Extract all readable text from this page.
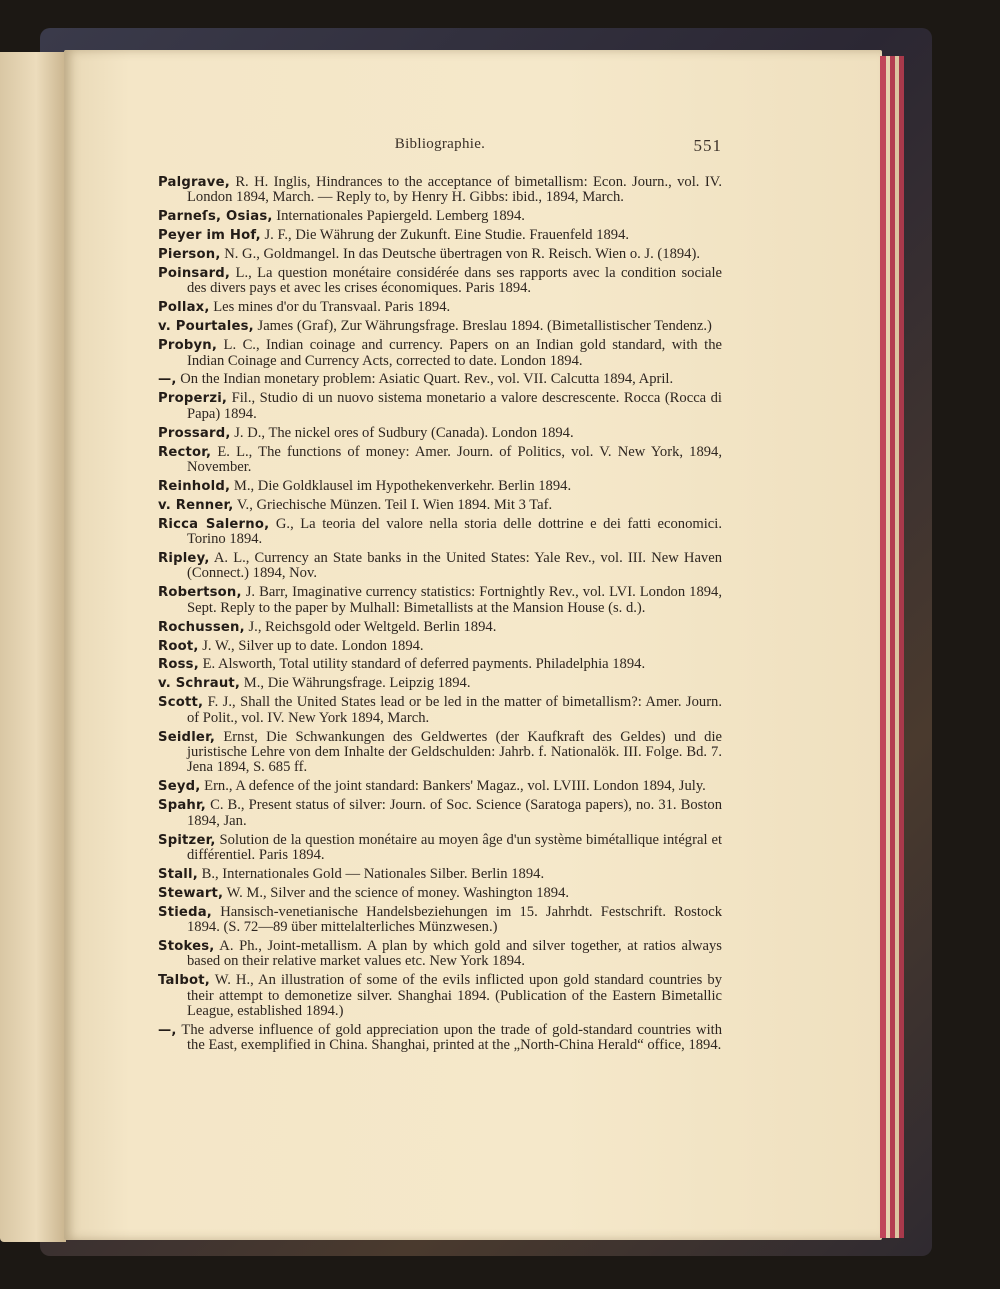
Bibliographie.	551

Palgrave, R. H. Inglis, Hindrances to the acceptance of bimetallism: Econ. Journ., vol. IV. London 1894, March. — Reply to, by Henry H. Gibbs: ibid., 1894, March.

Parneſs, Osias, Internationales Papiergeld. Lemberg 1894.

Peyer im Hof, J. F., Die Währung der Zukunft. Eine Studie. Frauenfeld 1894.

Pierson, N. G., Goldmangel. In das Deutsche übertragen von R. Reisch. Wien o. J. (1894).

Poinsard, L., La question monétaire considérée dans ses rapports avec la condition sociale des divers pays et avec les crises économiques. Paris 1894.

Pollax, Les mines d'or du Transvaal. Paris 1894.

v. Pourtales, James (Graf), Zur Währungsfrage. Breslau 1894. (Bimetallistischer Tendenz.)

Probyn, L. C., Indian coinage and currency. Papers on an Indian gold standard, with the Indian Coinage and Currency Acts, corrected to date. London 1894.

—, On the Indian monetary problem: Asiatic Quart. Rev., vol. VII. Calcutta 1894, April.

Properzi, Fil., Studio di un nuovo sistema monetario a valore descrescente. Rocca (Rocca di Papa) 1894.

Prossard, J. D., The nickel ores of Sudbury (Canada). London 1894.

Rector, E. L., The functions of money: Amer. Journ. of Politics, vol. V. New York, 1894, November.

Reinhold, M., Die Goldklausel im Hypothekenverkehr. Berlin 1894.

v. Renner, V., Griechische Münzen. Teil I. Wien 1894. Mit 3 Taf.

Ricca Salerno, G., La teoria del valore nella storia delle dottrine e dei fatti economici. Torino 1894.

Ripley, A. L., Currency an State banks in the United States: Yale Rev., vol. III. New Haven (Connect.) 1894, Nov.

Robertson, J. Barr, Imaginative currency statistics: Fortnightly Rev., vol. LVI. London 1894, Sept. Reply to the paper by Mulhall: Bimetallists at the Mansion House (s. d.).

Rochussen, J., Reichsgold oder Weltgeld. Berlin 1894.

Root, J. W., Silver up to date. London 1894.

Ross, E. Alsworth, Total utility standard of deferred payments. Philadelphia 1894.

v. Schraut, M., Die Währungsfrage. Leipzig 1894.

Scott, F. J., Shall the United States lead or be led in the matter of bimetallism?: Amer. Journ. of Polit., vol. IV. New York 1894, March.

Seidler, Ernst, Die Schwankungen des Geldwertes (der Kaufkraft des Geldes) und die juristische Lehre von dem Inhalte der Geldschulden: Jahrb. f. Nationalök. III. Folge. Bd. 7. Jena 1894, S. 685 ff.

Seyd, Ern., A defence of the joint standard: Bankers' Magaz., vol. LVIII. London 1894, July.

Spahr, C. B., Present status of silver: Journ. of Soc. Science (Saratoga papers), no. 31. Boston 1894, Jan.

Spitzer, Solution de la question monétaire au moyen âge d'un système bimétallique intégral et différentiel. Paris 1894.

Stall, B., Internationales Gold — Nationales Silber. Berlin 1894.

Stewart, W. M., Silver and the science of money. Washington 1894.

Stieda, Hansisch-venetianische Handelsbeziehungen im 15. Jahrhdt. Festschrift. Rostock 1894. (S. 72—89 über mittelalterliches Münzwesen.)

Stokes, A. Ph., Joint-metallism. A plan by which gold and silver together, at ratios always based on their relative market values etc. New York 1894.

Talbot, W. H., An illustration of some of the evils inflicted upon gold standard countries by their attempt to demonetize silver. Shanghai 1894. (Publication of the Eastern Bimetallic League, established 1894.)

—, The adverse influence of gold appreciation upon the trade of gold-standard countries with the East, exemplified in China. Shanghai, printed at the „North-China Herald“ office, 1894.
